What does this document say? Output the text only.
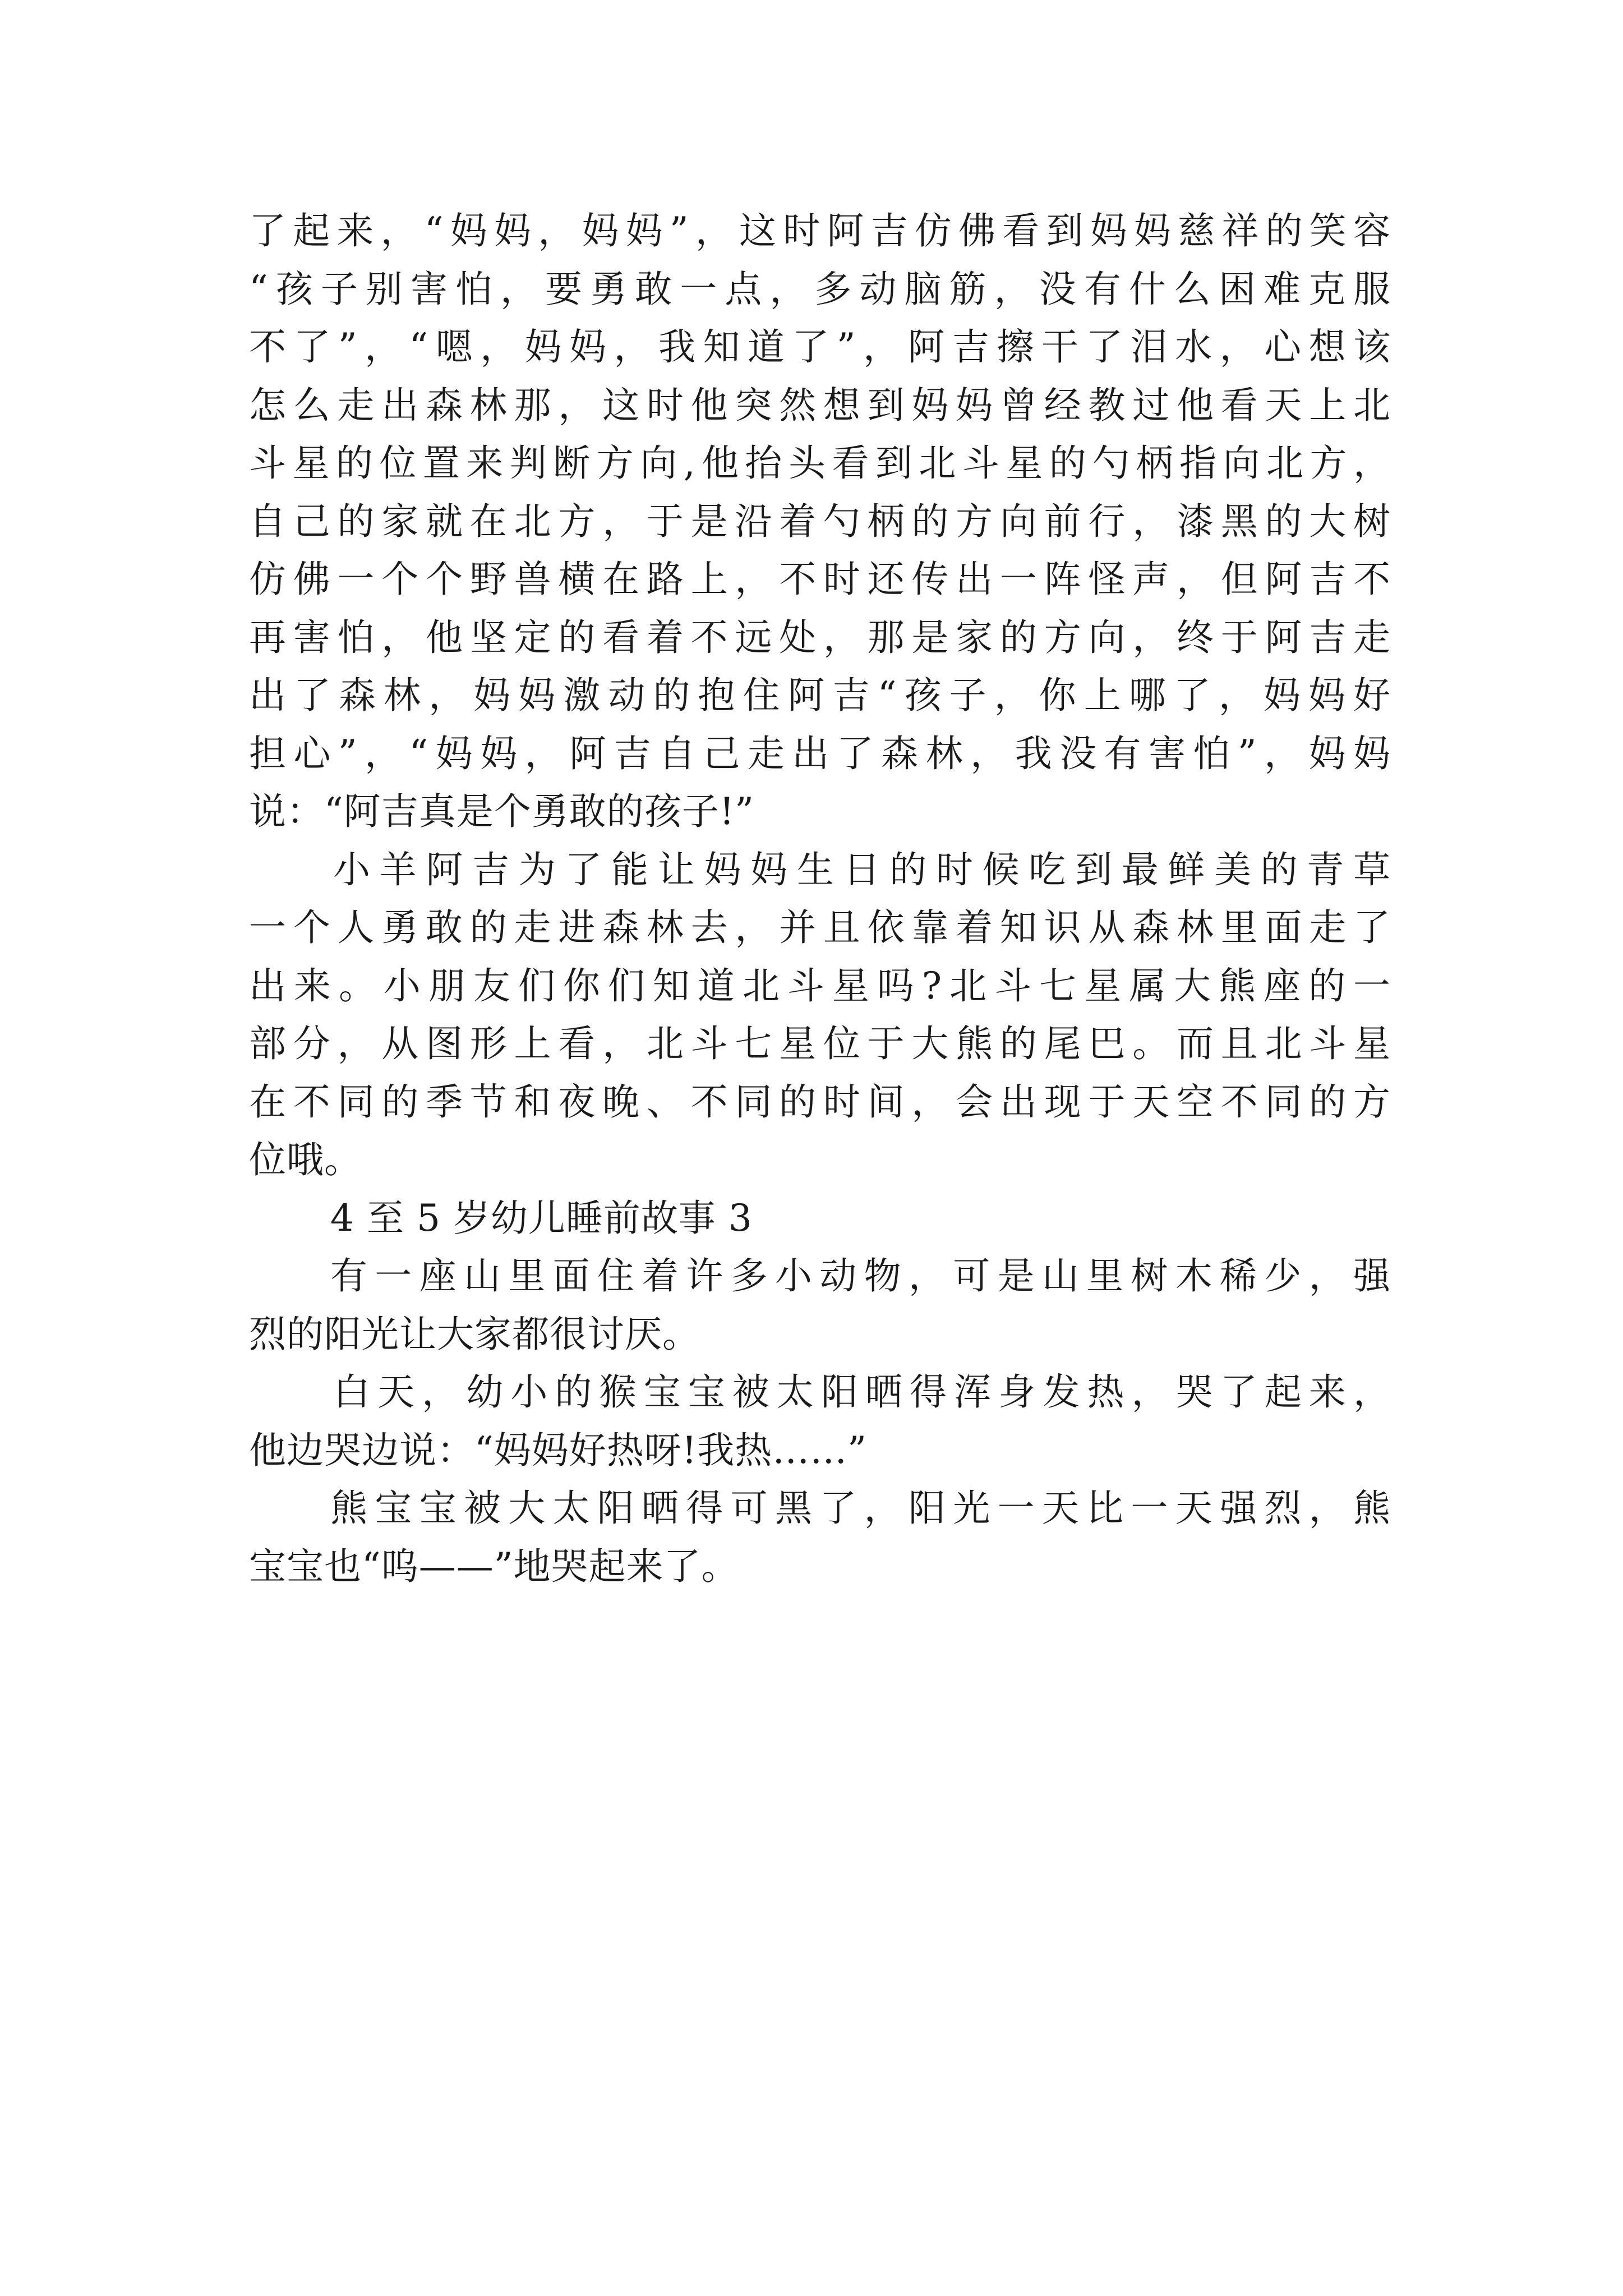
了起来，“妈妈，妈妈”，这时阿吉仿佛看到妈妈慈祥的笑容
“孩子别害怕，要勇敢一点，多动脑筋，没有什么困难克服
不了”，“嗯，妈妈，我知道了”，阿吉擦干了泪水，心想该
怎么走出森林那，这时他突然想到妈妈曾经教过他看天上北
斗星的位置来判断方向,他抬头看到北斗星的勺柄指向北方，
自己的家就在北方，于是沿着勺柄的方向前行，漆黑的大树
仿佛一个个野兽横在路上，不时还传出一阵怪声，但阿吉不
再害怕，他坚定的看着不远处，那是家的方向，终于阿吉走
出了森林，妈妈激动的抱住阿吉“孩子，你上哪了，妈妈好
担心”，“妈妈，阿吉自己走出了森林，我没有害怕”，妈妈
说：“阿吉真是个勇敢的孩子!”
小羊阿吉为了能让妈妈生日的时候吃到最鲜美的青草
一个人勇敢的走进森林去，并且依靠着知识从森林里面走了
出来。小朋友们你们知道北斗星吗?北斗七星属大熊座的一
部分，从图形上看，北斗七星位于大熊的尾巴。而且北斗星
在不同的季节和夜晚、不同的时间，会出现于天空不同的方
位哦。
4 至 5 岁幼儿睡前故事 3
有一座山里面住着许多小动物，可是山里树木稀少，强
烈的阳光让大家都很讨厌。
白天，幼小的猴宝宝被太阳晒得浑身发热，哭了起来，
他边哭边说：“妈妈好热呀!我热……”
熊宝宝被大太阳晒得可黑了，阳光一天比一天强烈，熊
宝宝也“呜——”地哭起来了。
